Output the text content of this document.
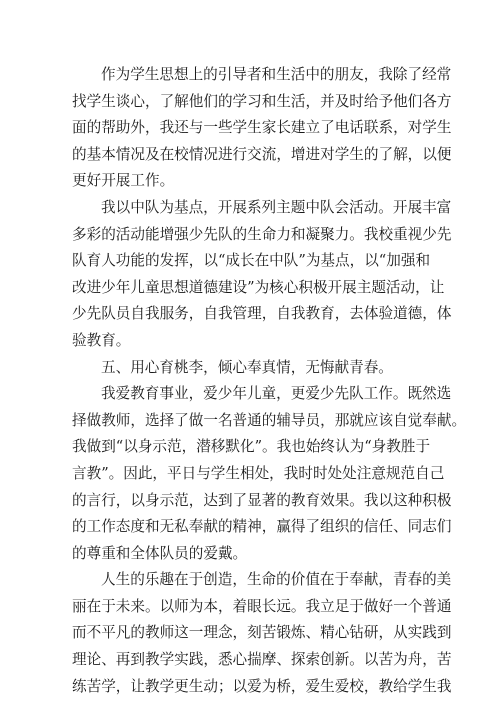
作为学生思想上的引导者和生活中的朋友，我除了经常
找学生谈心，了解他们的学习和生活，并及时给予他们各方
面的帮助外，我还与一些学生家长建立了电话联系，对学生
的基本情况及在校情况进行交流，增进对学生的了解，以便
更好开展工作。
我以中队为基点，开展系列主题中队会活动。开展丰富
多彩的活动能增强少先队的生命力和凝聚力。我校重视少先
队育人功能的发挥，以“成长在中队”为基点，以“加强和
改进少年儿童思想道德建设”为核心积极开展主题活动，让
少先队员自我服务，自我管理，自我教育，去体验道德，体
验教育。
五、用心育桃李，倾心奉真情，无悔献青春。
我爱教育事业，爱少年儿童，更爱少先队工作。既然选
择做教师，选择了做一名普通的辅导员，那就应该自觉奉献。
我做到“以身示范，潜移默化”。我也始终认为“身教胜于
言教”。因此，平日与学生相处，我时时处处注意规范自己
的言行，以身示范，达到了显著的教育效果。我以这种积极
的工作态度和无私奉献的精神，赢得了组织的信任、同志们
的尊重和全体队员的爱戴。
人生的乐趣在于创造，生命的价值在于奉献，青春的美
丽在于未来。以师为本，着眼长远。我立足于做好一个普通
而不平凡的教师这一理念，刻苦锻炼、精心钻研，从实践到
理论、再到教学实践，悉心揣摩、探索创新。以苦为舟，苦
练苦学，让教学更生动；以爱为桥，爱生爱校，教给学生我
